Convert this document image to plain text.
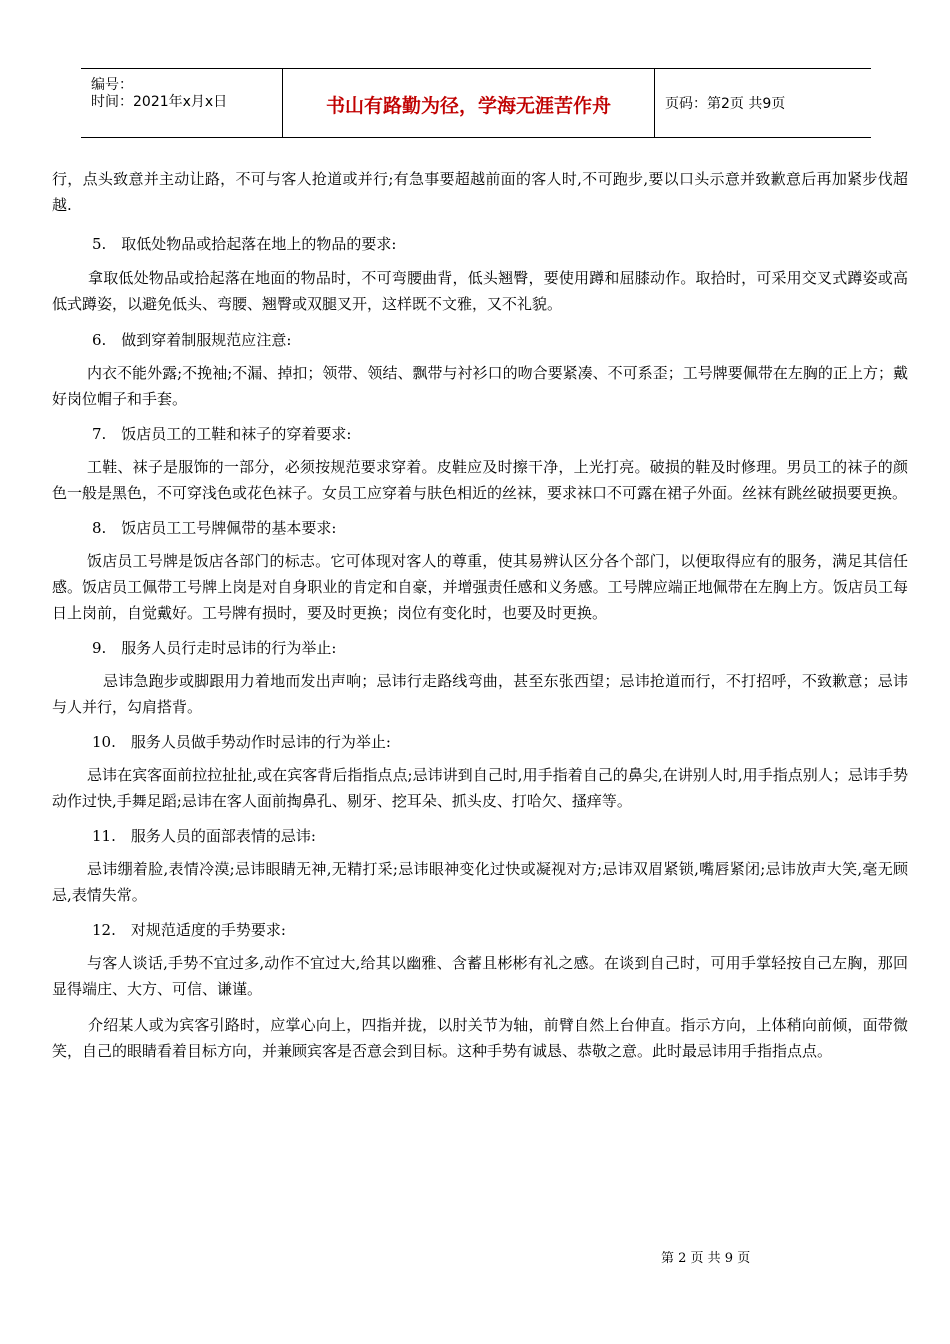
编号：
时间：2021年x月x日	书山有路勤为径，学海无涯苦作舟	页码：第2页 共9页

行，点头致意并主动让路，不可与客人抢道或并行;有急事要超越前面的客人时,不可跑步,要以口头示意并致歉意后再加紧步伐超越.

5.　取低处物品或拾起落在地上的物品的要求:

拿取低处物品或拾起落在地面的物品时，不可弯腰曲背，低头翘臀，要使用蹲和屈膝动作。取拾时，可采用交叉式蹲姿或高低式蹲姿，以避免低头、弯腰、翘臀或双腿叉开，这样既不文雅，又不礼貌。

6.　做到穿着制服规范应注意:

内衣不能外露;不挽袖;不漏、掉扣；领带、领结、飘带与衬衫口的吻合要紧凑、不可系歪；工号牌要佩带在左胸的正上方；戴好岗位帽子和手套。

7.　饭店员工的工鞋和袜子的穿着要求:

工鞋、袜子是服饰的一部分，必须按规范要求穿着。皮鞋应及时擦干净，上光打亮。破损的鞋及时修理。男员工的袜子的颜色一般是黑色，不可穿浅色或花色袜子。女员工应穿着与肤色相近的丝袜，要求袜口不可露在裙子外面。丝袜有跳丝破损要更换。

8.　饭店员工工号牌佩带的基本要求:

饭店员工号牌是饭店各部门的标志。它可体现对客人的尊重，使其易辨认区分各个部门，以便取得应有的服务，满足其信任感。饭店员工佩带工号牌上岗是对自身职业的肯定和自豪，并增强责任感和义务感。工号牌应端正地佩带在左胸上方。饭店员工每日上岗前，自觉戴好。工号牌有损时，要及时更换；岗位有变化时，也要及时更换。

9.　服务人员行走时忌讳的行为举止:

忌讳急跑步或脚跟用力着地而发出声响；忌讳行走路线弯曲，甚至东张西望；忌讳抢道而行，不打招呼，不致歉意；忌讳与人并行，勾肩搭背。

10.　服务人员做手势动作时忌讳的行为举止:

忌讳在宾客面前拉拉扯扯,或在宾客背后指指点点;忌讳讲到自己时,用手指着自己的鼻尖,在讲别人时,用手指点别人；忌讳手势动作过快,手舞足蹈;忌讳在客人面前掏鼻孔、剔牙、挖耳朵、抓头皮、打哈欠、搔痒等。

11.　服务人员的面部表情的忌讳:

忌讳绷着脸,表情冷漠;忌讳眼睛无神,无精打采;忌讳眼神变化过快或凝视对方;忌讳双眉紧锁,嘴唇紧闭;忌讳放声大笑,毫无顾忌,表情失常。

12.　对规范适度的手势要求:

与客人谈话,手势不宜过多,动作不宜过大,给其以幽雅、含蓄且彬彬有礼之感。在谈到自己时，可用手掌轻按自己左胸，那回显得端庄、大方、可信、谦谨。

介绍某人或为宾客引路时，应掌心向上，四指并拢，以肘关节为轴，前臂自然上台伸直。指示方向，上体稍向前倾，面带微笑，自己的眼睛看着目标方向，并兼顾宾客是否意会到目标。这种手势有诚恳、恭敬之意。此时最忌讳用手指指点点。

第 2 页 共 9 页
